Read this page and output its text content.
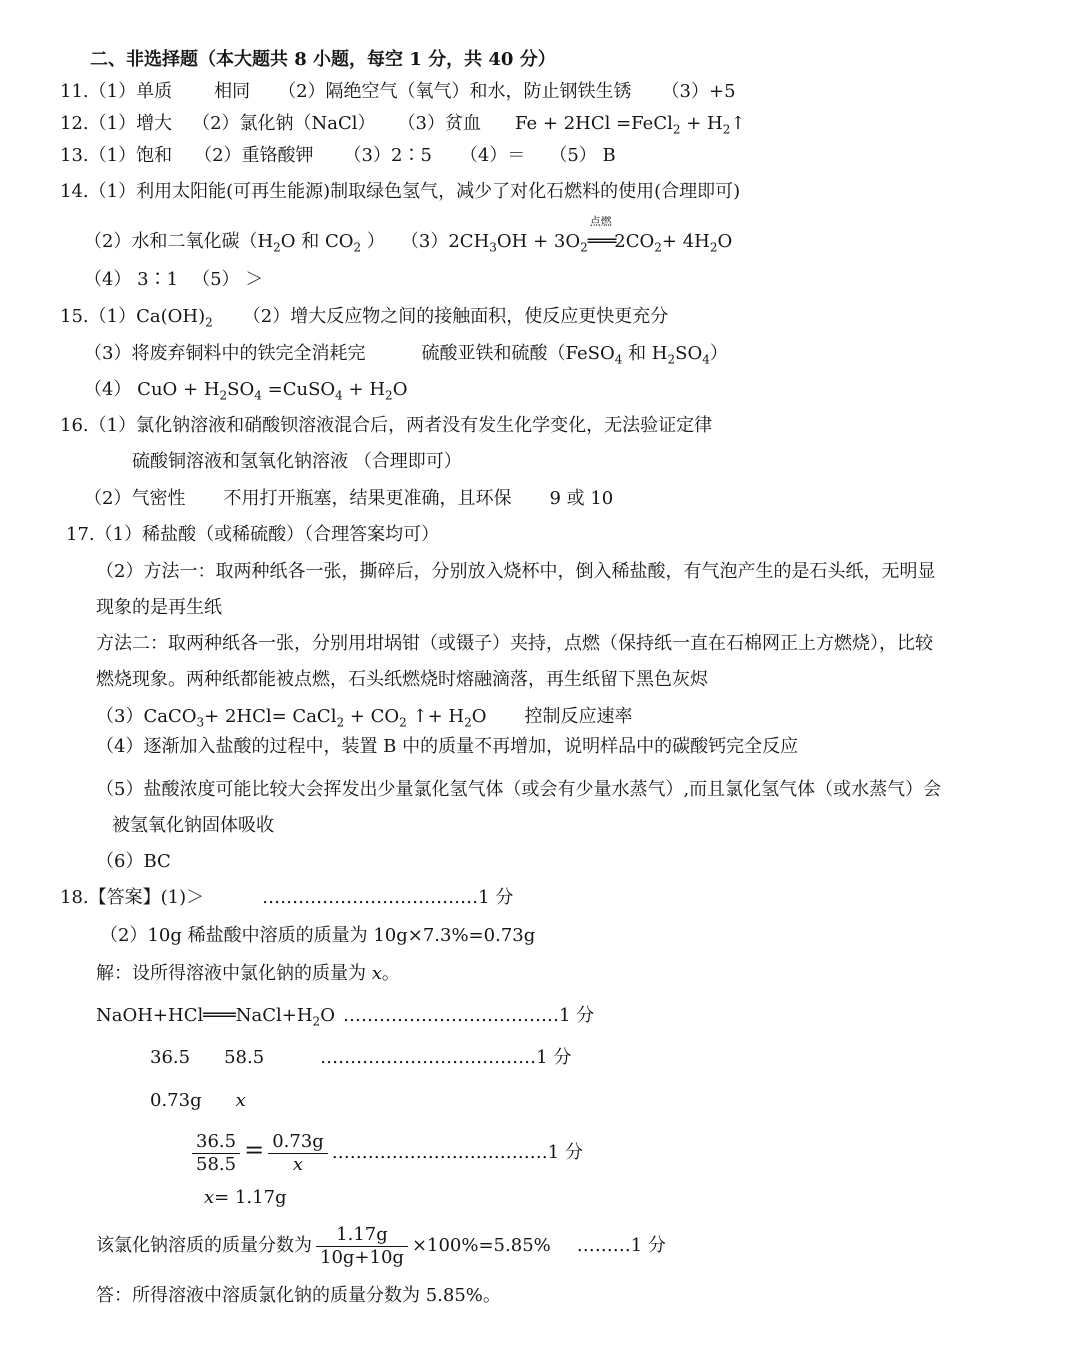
二、非选择题（本大题共 8 小题，每空 1 分，共 40 分）
11.（1）单质 相同 （2）隔绝空气（氧气）和水，防止钢铁生锈 （3）+5
12.（1）增大 （2）氯化钠（NaCl） （3）贫血 Fe + 2HCl =FeCl$_2$ + $H_2↑$
13.（1）饱和 （2）重铬酸钾 （3）2∶5 （4）＝ （5） B
14.（1）利用太阳能(可再生能源)制取绿色氢气，减少了对化石燃料的使用(合理即可)
（2）水和二氧化碳（$H_2O$ 和 $CO_2$ ） $(3)2CH_3OH + 3O_2$
点燃
$═══2CO_2+ 4H_2O$
（4） 3∶1 （5） ＞
$15.(1)Ca(OH)_2$ （2）增大反应物之间的接触面积，使反应更快更充分
（3）将废弃铜料中的铁完全消耗完	硫酸亚铁和硫酸（FeSO$_4$ 和 $H_2SO_4$）
（4） CuO + $H_2SO_4$ =CuSO$_4$ + $H_2O$
16.（1）氯化钠溶液和硝酸钡溶液混合后，两者没有发生化学变化，无法验证定律
硫酸铜溶液和氢氧化钠溶液 （合理即可）
（2）气密性 不用打开瓶塞，结果更准确，且环保 9 或 10
17.（1）稀盐酸（或稀硫酸）（合理答案均可）
（2）方法一：取两种纸各一张，撕碎后，分别放入烧杯中，倒入稀盐酸，有气泡产生的是石头纸，无明显
现象的是再生纸
方法二：取两种纸各一张，分别用坩埚钳（或镊子）夹持，点燃（保持纸一直在石棉网正上方燃烧），比较
燃烧现象。两种纸都能被点燃，石头纸燃烧时熔融滴落，再生纸留下黑色灰烬
（3）CaCO$_3$+ 2HCl= CaCl$_2$ + $CO_2$ ↑+ $H_2O$ 控制反应速率
（4）逐渐加入盐酸的过程中，装置 B 中的质量不再增加，说明样品中的碳酸钙完全反应
（5）盐酸浓度可能比较大会挥发出少量氯化氢气体（或会有少量水蒸气）,而且氯化氢气体（或水蒸气）会
被氢氧化钠固体吸收
（6）BC
18.【答案】(1)＞	………………………………1 分
（2）10g 稀盐酸中溶质的质量为 10g×7.3%=0.73g
解：设所得溶液中氯化钠的质量为 x。
$NaOH+HCl═══NaCl+H_2O$ ………………………………1 分
36.5 58.5	………………………………1 分
0.73g x
$\frac{36.5}{58.5} = \frac{0.73g}{x}$ ………………………………1 分
x= 1.17g
该氯化钠溶质的质量分数为 $\frac{1.17g}{10g+10g} \times 100\%=5.85\%$ ………1 分
答：所得溶液中溶质氯化钠的质量分数为 5.85%。
